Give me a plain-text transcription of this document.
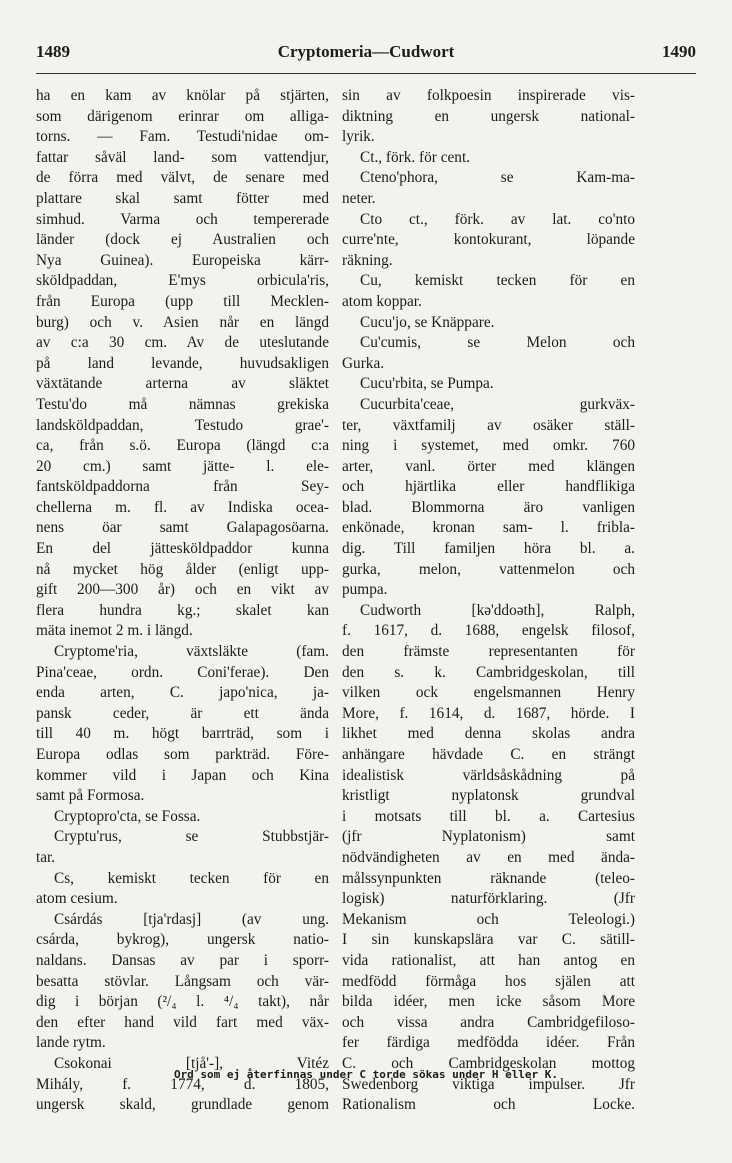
1489	Cryptomeria—Cudwort	1490
ha en kam av knölar på stjärten,
som därigenom erinrar om alliga-
torns. — Fam. Testudi'nidae om-
fattar såväl land- som vattendjur,
de förra med välvt, de senare med
plattare skal samt fötter med
simhud. Varma och tempererade
länder (dock ej Australien och
Nya Guinea). Europeiska kärr-
sköldpaddan, E'mys orbicula'ris,
från Europa (upp till Mecklen-
burg) och v. Asien når en längd
av c:a 30 cm. Av de uteslutande
på land levande, huvudsakligen
växtätande arterna av släktet
Testu'do må nämnas grekiska
landsköldpaddan, Testudo grae'-
ca, från s.ö. Europa (längd c:a
20 cm.) samt jätte- l. ele-
fantsköldpaddorna från Sey-
chellerna m. fl. av Indiska ocea-
nens öar samt Galapagosöarna.
En del jättesköldpaddor kunna
nå mycket hög ålder (enligt upp-
gift 200—300 år) och en vikt av
flera hundra kg.; skalet kan
mäta inemot 2 m. i längd.
Cryptome'ria, växtsläkte (fam.
Pina'ceae, ordn. Coni'ferae). Den
enda arten, C. japo'nica, ja-
pansk ceder, är ett ända
till 40 m. högt barrträd, som i
Europa odlas som parkträd. Före-
kommer vild i Japan och Kina
samt på Formosa.
Cryptopro'cta, se Fossa.
Cryptu'rus, se Stubbstjär-
tar.
Cs, kemiskt tecken för en
atom cesium.
Csárdás [tja'rdasj] (av ung.
csárda, bykrog), ungersk natio-
naldans. Dansas av par i sporr-
besatta stövlar. Långsam och vär-
dig i början (²/₄ l. ⁴/₄ takt), når
den efter hand vild fart med väx-
lande rytm.
Csokonai [tjå'-], Vitéz
Mihály, f. 1774, d. 1805,
ungersk skald, grundlade genom
sin av folkpoesin inspirerade vis-
diktning en ungersk national-
lyrik.
Ct., förk. för cent.
Cteno'phora, se Kam-ma-
neter.
Cto ct., förk. av lat. co'nto
curre'nte, kontokurant, löpande
räkning.
Cu, kemiskt tecken för en
atom koppar.
Cucu'jo, se Knäppare.
Cu'cumis, se Melon och
Gurka.
Cucu'rbita, se Pumpa.
Cucurbita'ceae, gurkväx-
ter, växtfamilj av osäker ställ-
ning i systemet, med omkr. 760
arter, vanl. örter med klängen
och hjärtlika eller handflikiga
blad. Blommorna äro vanligen
enkönade, kronan sam- l. fribla-
dig. Till familjen höra bl. a.
gurka, melon, vattenmelon och
pumpa.
Cudworth [kə'ddoəth], Ralph,
f. 1617, d. 1688, engelsk filosof,
den främste representanten för
den s. k. Cambridgeskolan, till
vilken ock engelsmannen Henry
More, f. 1614, d. 1687, hörde. I
likhet med denna skolas andra
anhängare hävdade C. en strängt
idealistisk världsåskådning på
kristligt nyplatonsk grundval
i motsats till bl. a. Cartesius
(jfr Nyplatonism) samt
nödvändigheten av en med ända-
målssynpunkten räknande (teleo-
logisk) naturförklaring. (Jfr
Mekanism och Teleologi.)
I sin kunskapslära var C. sätill-
vida rationalist, att han antog en
medfödd förmåga hos själen att
bilda idéer, men icke såsom More
och vissa andra Cambridgefiloso-
fer färdiga medfödda idéer. Från
C. och Cambridgeskolan mottog
Swedenborg viktiga impulser. Jfr
Rationalism och Locke.
Ord som ej återfinnas under C torde sökas under H eller K.
